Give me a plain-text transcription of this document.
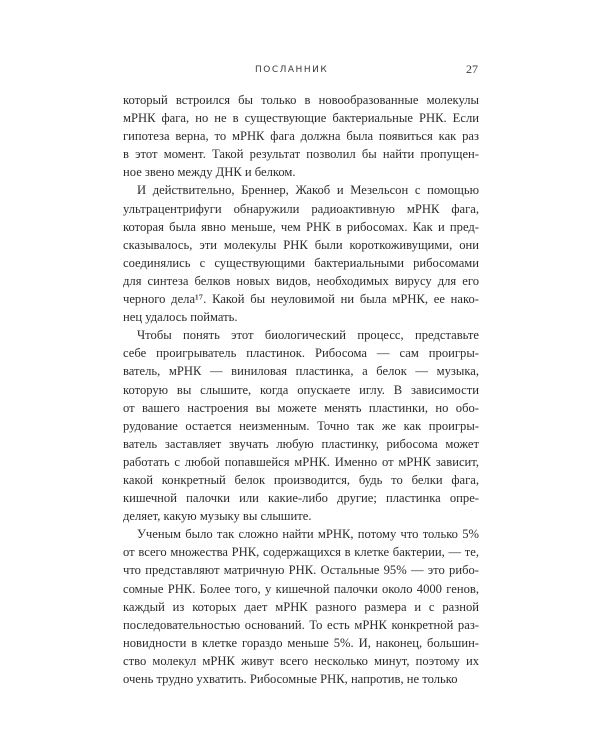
ПОСЛАННИК	27
который встроился бы только в новообразованные молекулы
мРНК фага, но не в существующие бактериальные РНК. Если
гипотеза верна, то мРНК фага должна была появиться как раз
в этот момент. Такой результат позволил бы найти пропущен-
ное звено между ДНК и белком.
И действительно, Бреннер, Жакоб и Мезельсон с помощью
ультрацентрифуги обнаружили радиоактивную мРНК фага,
которая была явно меньше, чем РНК в рибосомах. Как и пред-
сказывалось, эти молекулы РНК были короткоживущими, они
соединялись с существующими бактериальными рибосомами
для синтеза белков новых видов, необходимых вирусу для его
черного дела¹⁷. Какой бы неуловимой ни была мРНК, ее нако-
нец удалось поймать.
Чтобы понять этот биологический процесс, представьте
себе проигрыватель пластинок. Рибосома — сам проигры-
ватель, мРНК — виниловая пластинка, а белок — музыка,
которую вы слышите, когда опускаете иглу. В зависимости
от вашего настроения вы можете менять пластинки, но обо-
рудование остается неизменным. Точно так же как проигры-
ватель заставляет звучать любую пластинку, рибосома может
работать с любой попавшейся мРНК. Именно от мРНК зависит,
какой конкретный белок производится, будь то белки фага,
кишечной палочки или какие-либо другие; пластинка опре-
деляет, какую музыку вы слышите.
Ученым было так сложно найти мРНК, потому что только 5%
от всего множества РНК, содержащихся в клетке бактерии, — те,
что представляют матричную РНК. Остальные 95% — это рибо-
сомные РНК. Более того, у кишечной палочки около 4000 генов,
каждый из которых дает мРНК разного размера и с разной
последовательностью оснований. То есть мРНК конкретной раз-
новидности в клетке гораздо меньше 5%. И, наконец, большин-
ство молекул мРНК живут всего несколько минут, поэтому их
очень трудно ухватить. Рибосомные РНК, напротив, не только
